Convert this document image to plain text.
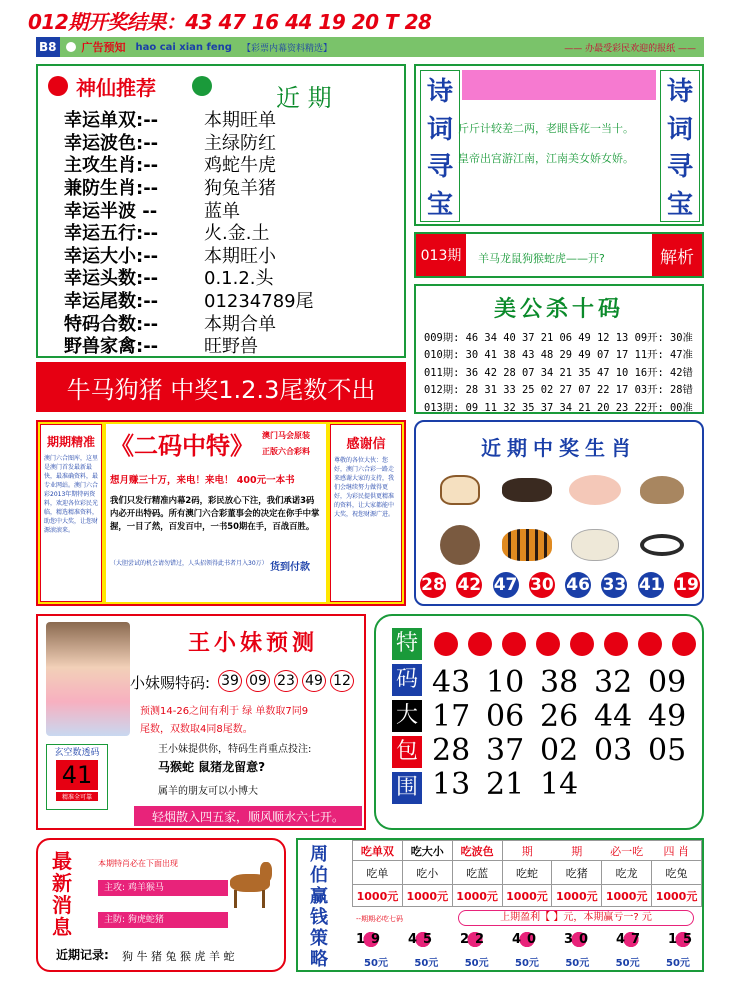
012期开奖结果：43 47 16 44 19 20 T 28
B8 广告预知 hao cai xian feng 【彩票内幕资料精选】	—— 办最受彩民欢迎的报纸 ——
神仙推荐	近 期
幸运单双:--	本期旺单
幸运波色:--	主绿防红
主攻生肖:--	鸡蛇牛虎
兼防生肖:--	狗兔羊猪
幸运半波 --	蓝单
幸运五行:--	火.金.土
幸运大小:--	本期旺小
幸运头数:--	0.1.2.头
幸运尾数:--	01234789尾
特码合数:--	本期合单
野兽家禽:--	旺野兽
牛马狗猪 中奖1.2.3尾数不出
诗
词
寻
宝
斤斤计较差二两，老眼昏花一当十。
皇帝出宫游江南，江南美女娇女娇。
诗
词
寻
宝
013期	羊马龙鼠狗猴蛇虎——开?	解析
美公杀十码
009期: 46 34 40 37 21 06 49 12 13 09开: 30准
010期: 30 41 38 43 48 29 49 07 17 11开: 47准
011期: 36 42 28 07 34 21 35 47 10 16开: 42错
012期: 28 31 33 25 02 27 07 22 17 03开: 28错
013期: 09 11 32 35 37 34 21 20 23 22开: 00准
期期精准
澳门六合图库，这里是澳门首发最新最快，最准确资料，最专业网站。澳门六合彩2013年期特码资料，欢迎各位彩民光临，精选精准资料，助您中大奖，让您财源滚滚来。
《二码中特》 澳门马会原装
正版六合彩料
想月赚三十万，来电！来电！ 400元一本书
我们只发行精准内幕2码，彩民放心下注，我们承诺3码内必开出特码。所有澳门六合彩董事会的决定在你手中掌握，一目了然，百发百中，一书50期在手，百战百胜。
（大胆尝试的机会请勿错过，人头招领得此书者月入30万） 货到付款
感谢信
尊敬的各位大伙：您好，澳门六合彩一路走来感谢大家的支持，我们会继续努力做得更好，为彩民提供更精准的资料，让大家都能中大奖，祝您财源广进。
近期中奖生肖
28 42 47 30 46 33 41 19
王小妹预测
小妹赐特码: 39 09 23 49 12
预测14-26之间有利于 绿 单数取7同9
尾数，双数取4同8尾数。
玄空数透码
41
精准全可靠
王小妹提供你，特码生肖重点投注:
马猴蛇 鼠猪龙留意?
属羊的朋友可以小博大
轻烟散入四五家，顺风顺水六七开。
特
码
大
包
围
43 10 38 32 09
17 06 26 44 49
28 37 02 03 05
13 21 14
最
新
消
息
本期特肖必在下面出现
主攻: 鸡羊猴马
主防: 狗虎蛇猪
近期记录: 狗 牛 猪 兔 猴 虎 羊 蛇
周
伯
赢
钱
策
略
吃单双	吃大小	吃波色	期	期	必一吃	四 肖
吃单	吃小	吃蓝	吃蛇	吃猪	吃龙	吃兔
1000元	1000元	1000元	1000元	1000元	1000元	1000元
--期期必吃七码	上期盈利【 】元，本期赢亏一? 元
19 45 22 40 30 47 15
50元	50元	50元	50元	50元	50元	50元
